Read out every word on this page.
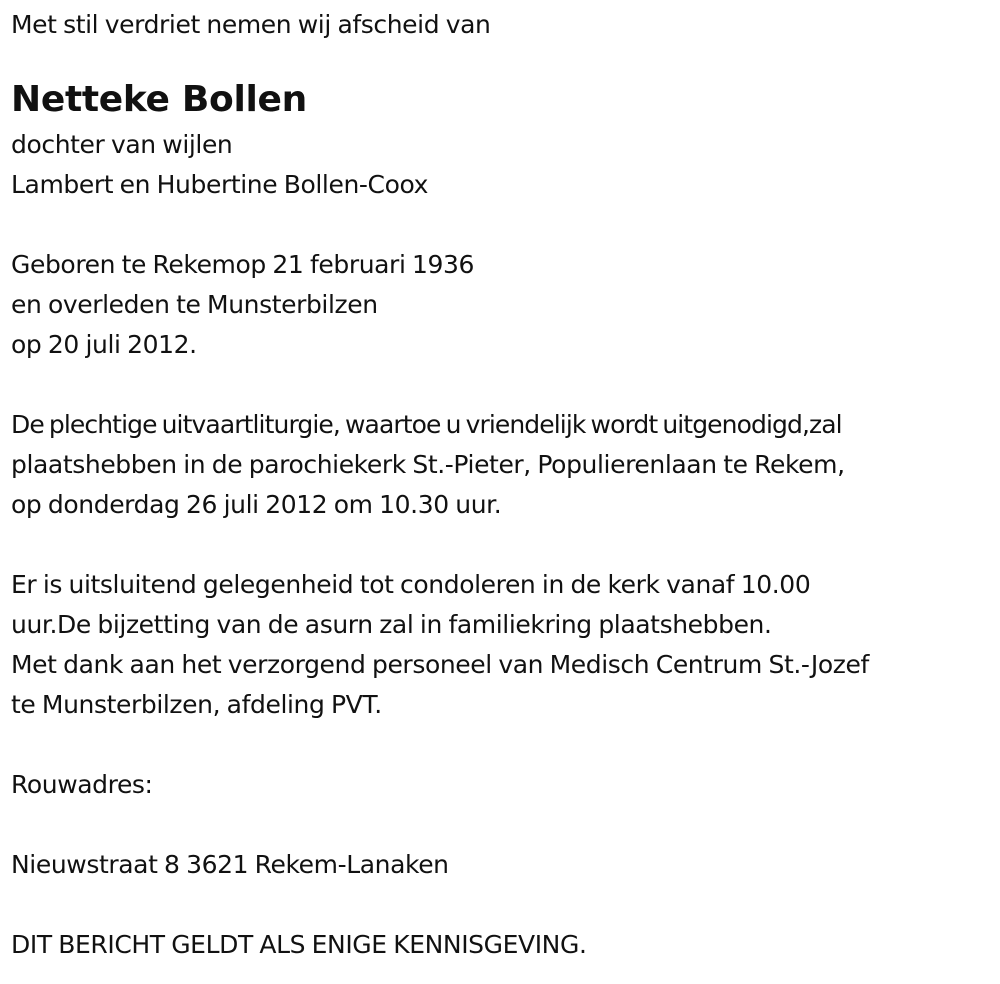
Met stil verdriet nemen wij afscheid van
Netteke Bollen
dochter van wijlen
Lambert en Hubertine Bollen-Coox
Geboren te Rekemop 21 februari 1936
en overleden te Munsterbilzen
op 20 juli 2012.
De plechtige uitvaartliturgie, waartoe u vriendelijk wordt uitgenodigd,zal
plaatshebben in de parochiekerk St.-Pieter, Populierenlaan te Rekem,
op donderdag 26 juli 2012 om 10.30 uur.
Er is uitsluitend gelegenheid tot condoleren in de kerk vanaf 10.00
uur.De bijzetting van de asurn zal in familiekring plaatshebben.
Met dank aan het verzorgend personeel van Medisch Centrum St.-Jozef
te Munsterbilzen, afdeling PVT.
Rouwadres:
Nieuwstraat 8 3621 Rekem-Lanaken
DIT BERICHT GELDT ALS ENIGE KENNISGEVING.
